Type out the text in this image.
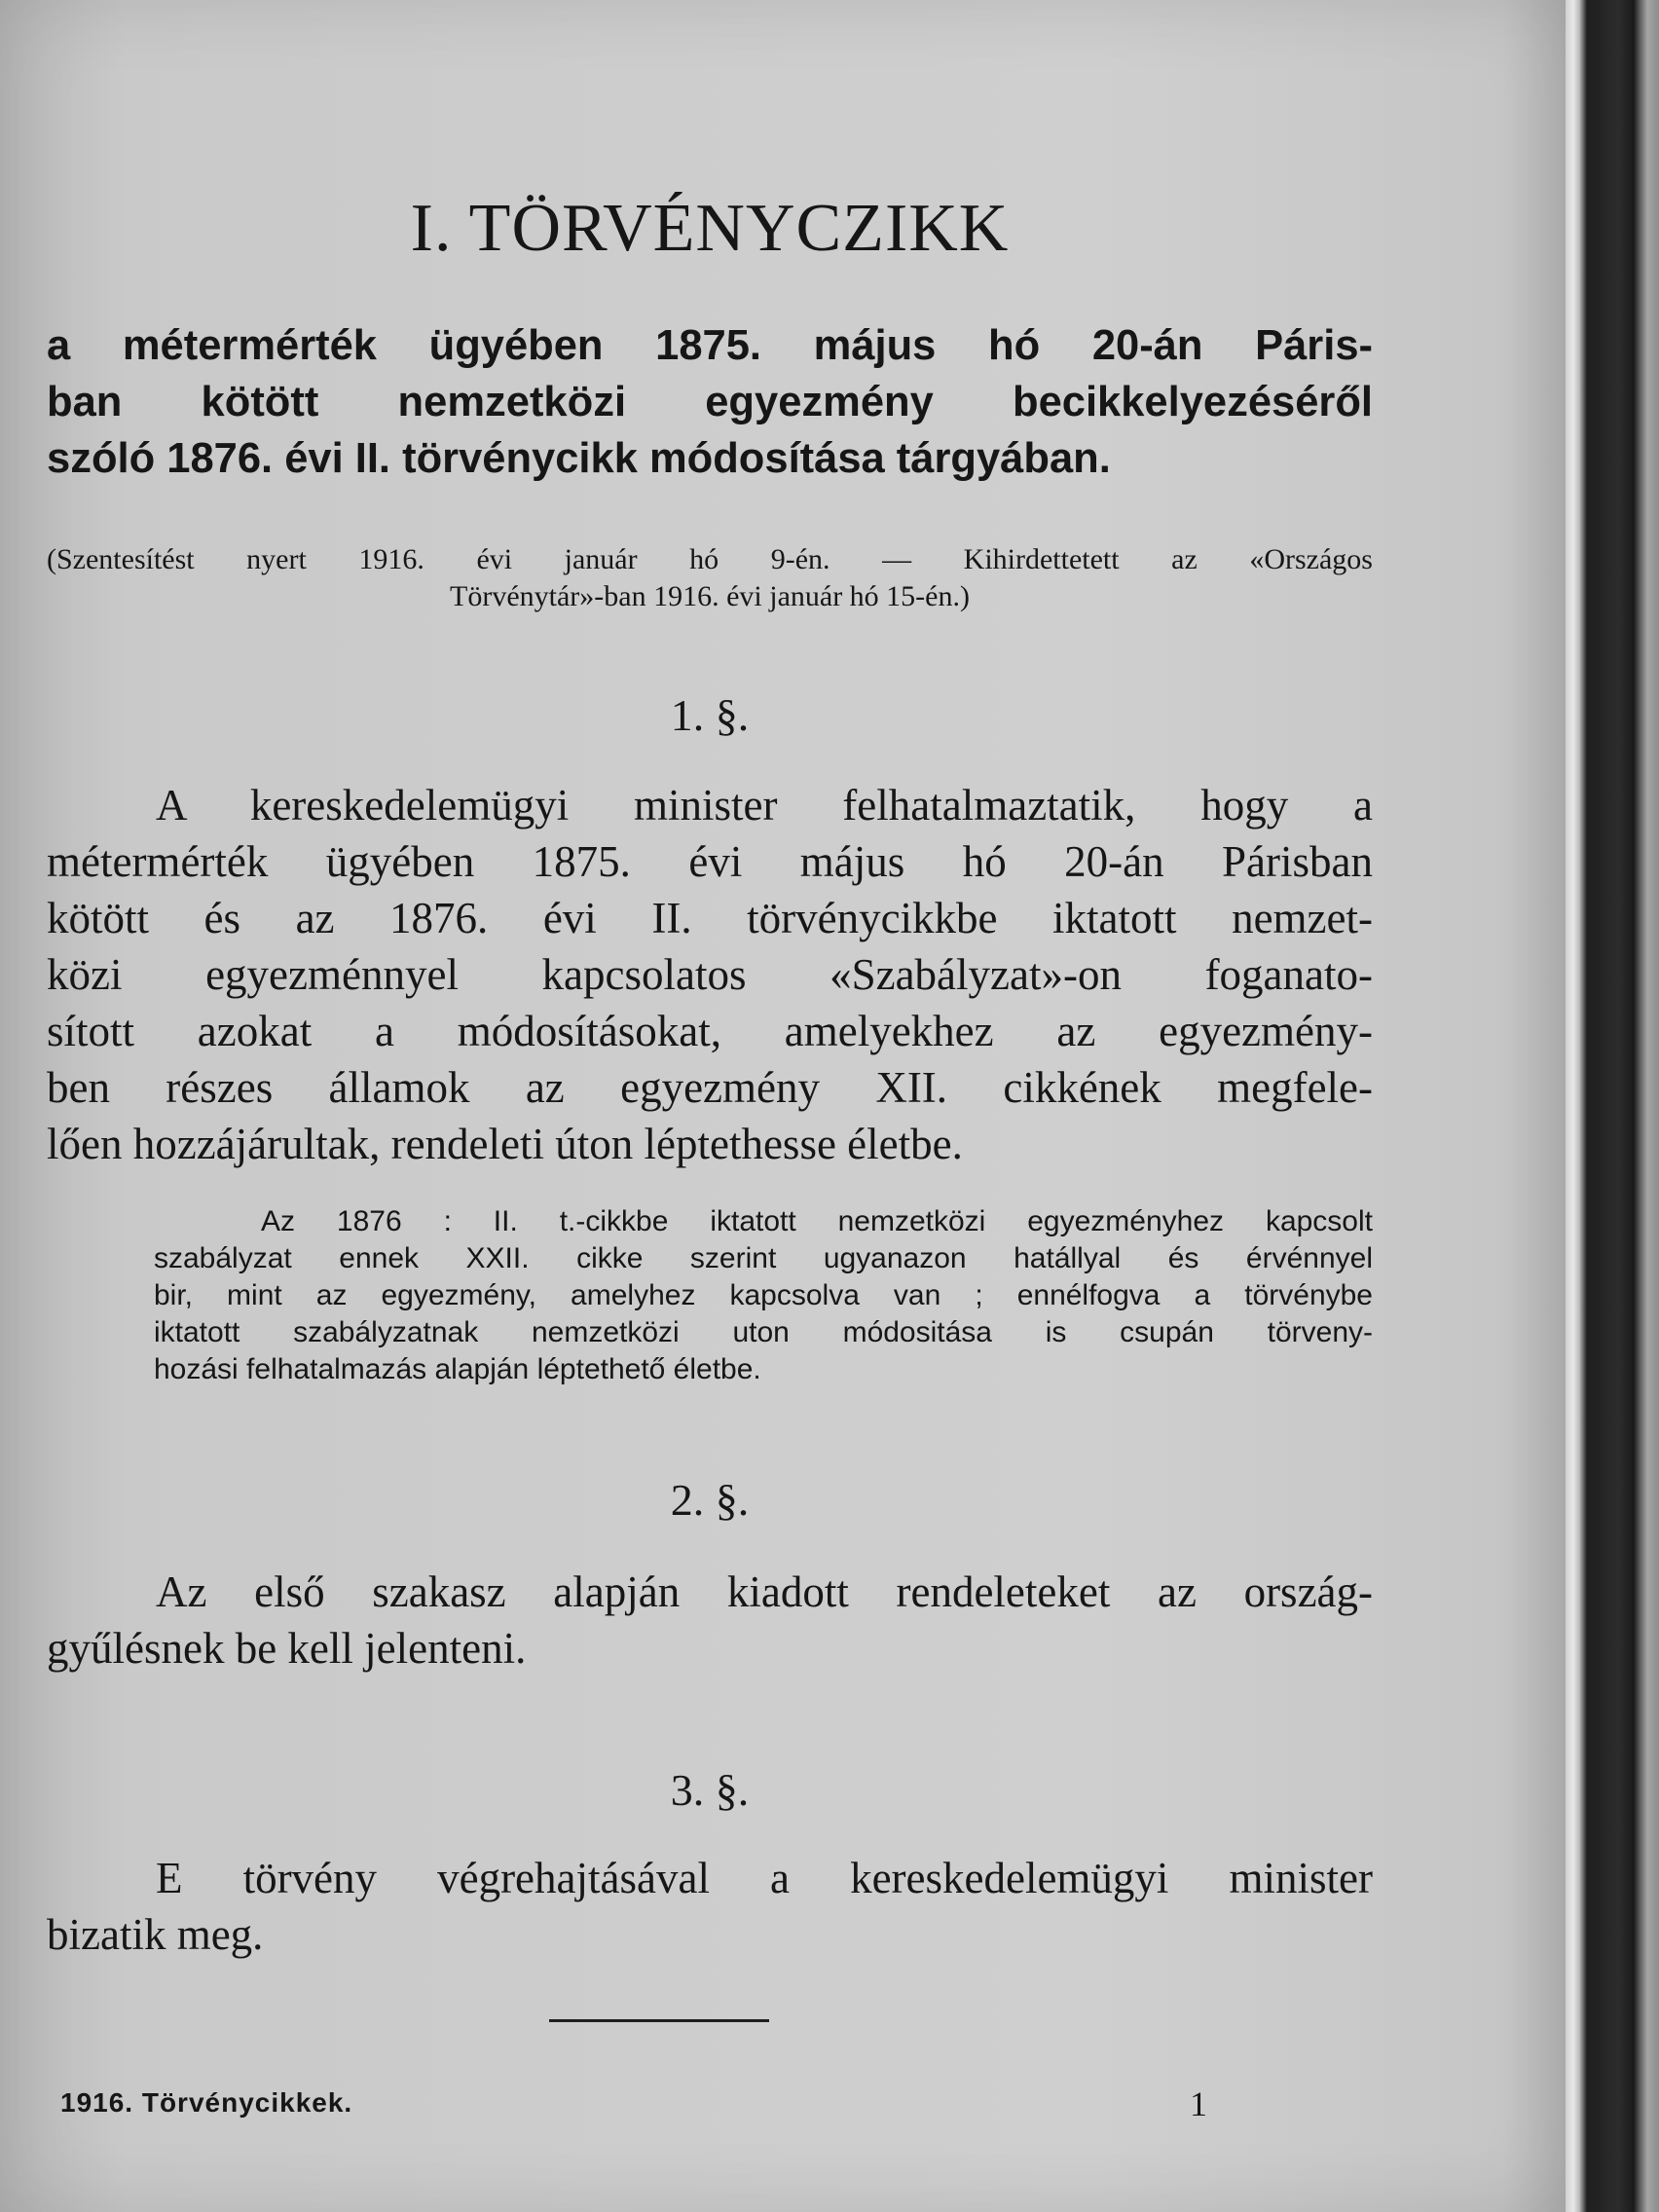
I. TÖRVÉNYCZIKK
a métermérték ügyében 1875. május hó 20-án Páris-
ban kötött nemzetközi egyezmény becikkelyezéséről
szóló 1876. évi II. törvénycikk módosítása tárgyában.
(Szentesítést nyert 1916. évi január hó 9-én. — Kihirdettetett az «Országos
Törvénytár»-ban 1916. évi január hó 15-én.)
1. §.
A kereskedelemügyi minister felhatalmaztatik, hogy a
métermérték ügyében 1875. évi május hó 20-án Párisban
kötött és az 1876. évi II. törvénycikkbe iktatott nemzet-
közi egyezménnyel kapcsolatos «Szabályzat»-on foganato-
sított azokat a módosításokat, amelyekhez az egyezmény-
ben részes államok az egyezmény XII. cikkének megfele-
lően hozzájárultak, rendeleti úton léptethesse életbe.
Az 1876 : II. t.-cikkbe iktatott nemzetközi egyezményhez kapcsolt
szabályzat ennek XXII. cikke szerint ugyanazon hatállyal és érvénnyel
bir, mint az egyezmény, amelyhez kapcsolva van ; ennélfogva a törvénybe
iktatott szabályzatnak nemzetközi uton módositása is csupán törveny-
hozási felhatalmazás alapján léptethető életbe.
2. §.
Az első szakasz alapján kiadott rendeleteket az ország-
gyűlésnek be kell jelenteni.
3. §.
E törvény végrehajtásával a kereskedelemügyi minister
bizatik meg.
1916. Törvénycikkek.	1
